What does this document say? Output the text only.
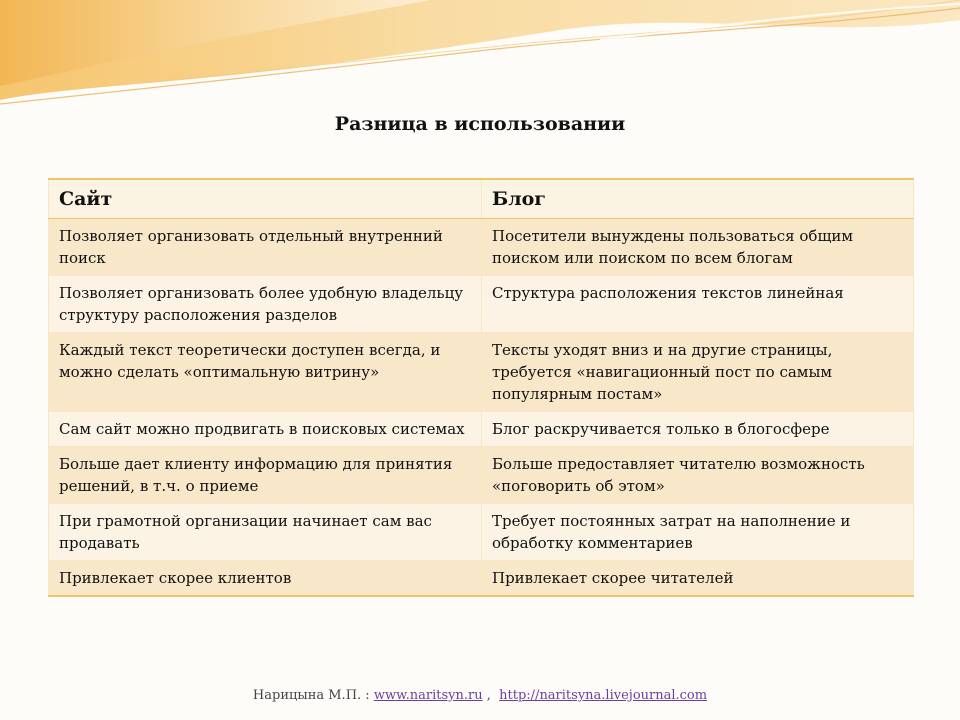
Разница в использовании
Сайт	Блог
Позволяет организовать отдельный внутренний поиск	Посетители вынуждены пользоваться общим поиском или поиском по всем блогам
Позволяет организовать более удобную владельцу структуру расположения разделов	Структура расположения текстов линейная
Каждый текст теоретически доступен всегда, и можно сделать «оптимальную витрину»	Тексты уходят вниз и на другие страницы, требуется «навигационный пост по самым популярным постам»
Сам сайт можно продвигать в поисковых системах	Блог раскручивается только в блогосфере
Больше дает клиенту информацию для принятия решений, в т.ч. о приеме	Больше предоставляет читателю возможность «поговорить об этом»
При грамотной организации начинает сам вас продавать	Требует постоянных затрат на наполнение и обработку комментариев
Привлекает скорее клиентов	Привлекает скорее читателей
Нарицына М.П. : www.naritsyn.ru ,  http://naritsyna.livejournal.com
